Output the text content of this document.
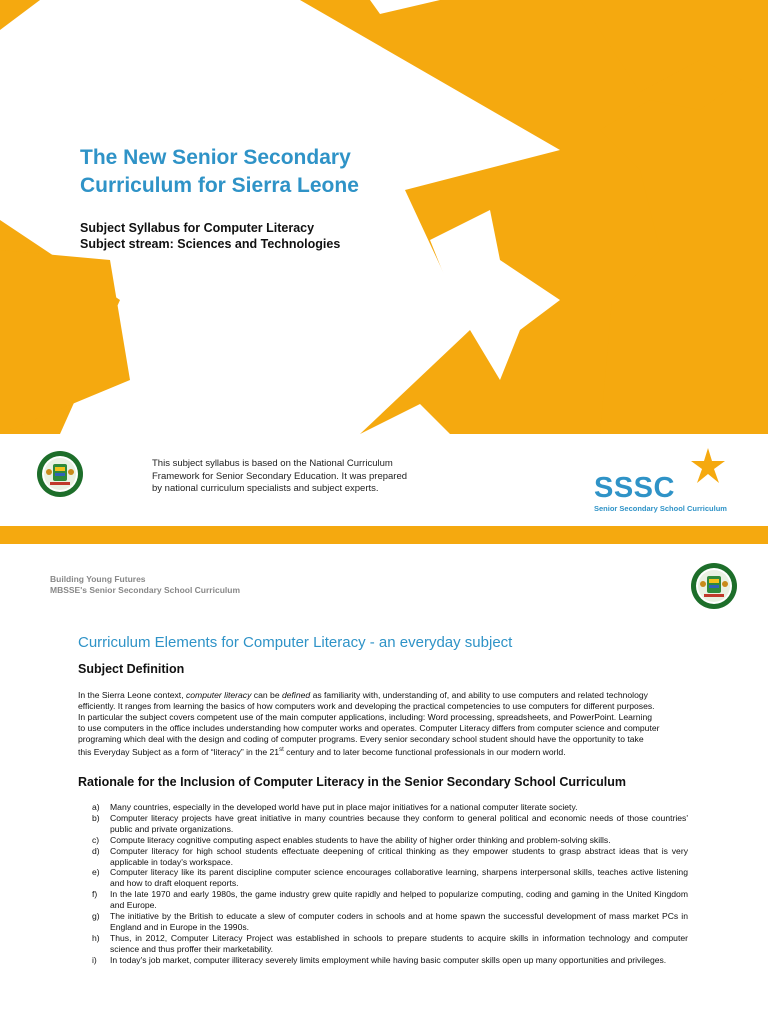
The New Senior Secondary
Curriculum for Sierra Leone
Subject Syllabus for Computer Literacy
Subject stream: Sciences and Technologies
This subject syllabus is based on the National Curriculum
Framework for Senior Secondary Education. It was prepared
by national curriculum specialists and subject experts.	SSSC
Senior Secondary School Curriculum
Building Young Futures
MBSSE's Senior Secondary School Curriculum
Curriculum Elements for Computer Literacy - an everyday subject
Subject Definition
In the Sierra Leone context, computer literacy can be defined as familiarity with, understanding of, and ability to use computers and related technology
efficiently. It ranges from learning the basics of how computers work and developing the practical competencies to use computers for different purposes.
In particular the subject covers competent use of the main computer applications, including: Word processing, spreadsheets, and PowerPoint. Learning
to use computers in the office includes understanding how computer works and operates. Computer Literacy differs from computer science and computer
programing which deal with the design and coding of computer programs. Every senior secondary school student should have the opportunity to take
this Everyday Subject as a form of “literacy” in the 21st century and to later become functional professionals in our modern world.
Rationale for the Inclusion of Computer Literacy in the Senior Secondary School Curriculum
a) Many countries, especially in the developed world have put in place major initiatives for a national computer literate society.
b) Computer literacy projects have great initiative in many countries because they conform to general political and economic needs of those countries' public and private organizations.
c) Compute literacy cognitive computing aspect enables students to have the ability of higher order thinking and problem-solving skills.
d) Computer literacy for high school students effectuate deepening of critical thinking as they empower students to grasp abstract ideas that is very applicable in today's workspace.
e) Computer literacy like its parent discipline computer science encourages collaborative learning, sharpens interpersonal skills, teaches active listening and how to draft eloquent reports.
f) In the late 1970 and early 1980s, the game industry grew quite rapidly and helped to popularize computing, coding and gaming in the United Kingdom and Europe.
g) The initiative by the British to educate a slew of computer coders in schools and at home spawn the successful development of mass market PCs in England and in Europe in the 1990s.
h) Thus, in 2012, Computer Literacy Project was established in schools to prepare students to acquire skills in information technology and computer science and thus proffer their marketability.
i) In today's job market, computer illiteracy severely limits employment while having basic computer skills open up many opportunities and privileges.
